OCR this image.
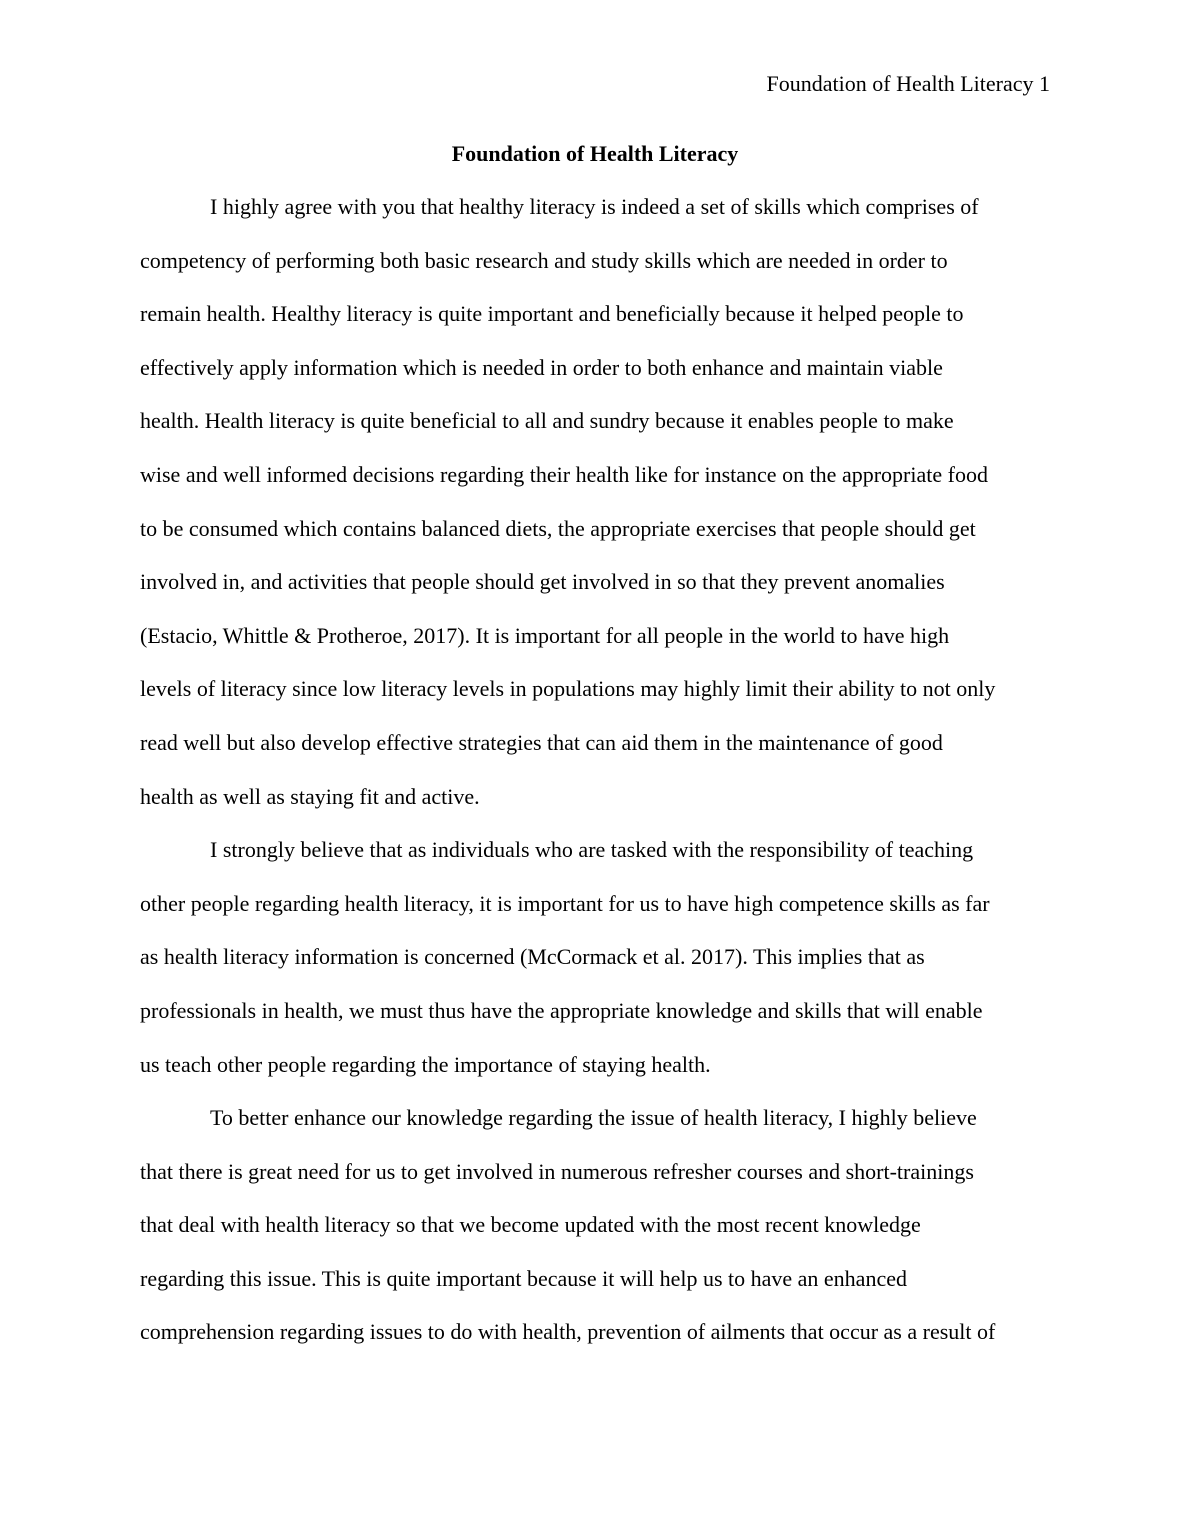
Foundation of Health Literacy 1
Foundation of Health Literacy
I highly agree with you that healthy literacy is indeed a set of skills which comprises of
competency of performing both basic research and study skills which are needed in order to
remain health. Healthy literacy is quite important and beneficially because it helped people to
effectively apply information which is needed in order to both enhance and maintain viable
health. Health literacy is quite beneficial to all and sundry because it enables people to make
wise and well informed decisions regarding their health like for instance on the appropriate food
to be consumed which contains balanced diets, the appropriate exercises that people should get
involved in, and activities that people should get involved in so that they prevent anomalies
(Estacio, Whittle & Protheroe, 2017). It is important for all people in the world to have high
levels of literacy since low literacy levels in populations may highly limit their ability to not only
read well but also develop effective strategies that can aid them in the maintenance of good
health as well as staying fit and active.
I strongly believe that as individuals who are tasked with the responsibility of teaching
other people regarding health literacy, it is important for us to have high competence skills as far
as health literacy information is concerned (McCormack et al. 2017). This implies that as
professionals in health, we must thus have the appropriate knowledge and skills that will enable
us teach other people regarding the importance of staying health.
To better enhance our knowledge regarding the issue of health literacy, I highly believe
that there is great need for us to get involved in numerous refresher courses and short-trainings
that deal with health literacy so that we become updated with the most recent knowledge
regarding this issue. This is quite important because it will help us to have an enhanced
comprehension regarding issues to do with health, prevention of ailments that occur as a result of
